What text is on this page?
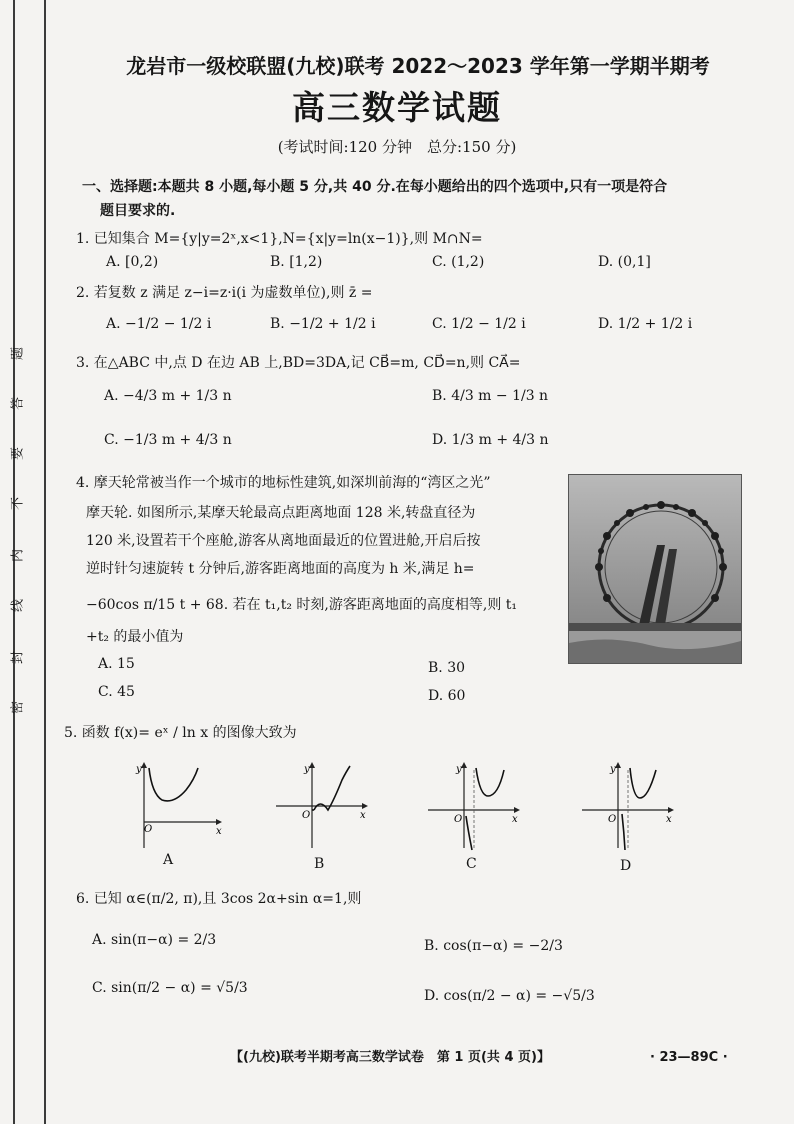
题
答
要
不
内
线
封
密
龙岩市一级校联盟(九校)联考 2022～2023 学年第一学期半期考
高三数学试题
(考试时间:120 分钟　总分:150 分)
一、选择题:本题共 8 小题,每小题 5 分,共 40 分.在每小题给出的四个选项中,只有一项是符合
题目要求的.
1. 已知集合 M={y|y=2ˣ,x<1},N={x|y=ln(x−1)},则 M∩N=
A. [0,2)	B. [1,2)	C. (1,2)	D. (0,1]
2. 若复数 z 满足 z−i=z·i(i 为虚数单位),则 z̄ =
A. −1/2 − 1/2 i	B. −1/2 + 1/2 i	C. 1/2 − 1/2 i	D. 1/2 + 1/2 i
3. 在△ABC 中,点 D 在边 AB 上,BD=3DA,记 CB⃗=m, CD⃗=n,则 CA⃗=
A. −4/3 m + 1/3 n	B. 4/3 m − 1/3 n
C. −1/3 m + 4/3 n	D. 1/3 m + 4/3 n
4. 摩天轮常被当作一个城市的地标性建筑,如深圳前海的“湾区之光”
摩天轮. 如图所示,某摩天轮最高点距离地面 128 米,转盘直径为
120 米,设置若干个座舱,游客从离地面最近的位置进舱,开启后按
逆时针匀速旋转 t 分钟后,游客距离地面的高度为 h 米,满足 h=
−60cos π/15 t + 68. 若在 t₁,t₂ 时刻,游客距离地面的高度相等,则 t₁
+t₂ 的最小值为
A. 15	B. 30
C. 45	D. 60
5. 函数 f(x)= eˣ / ln x 的图像大致为
y
x
O
A
y
x
O
B
y
x
O
C
y
x
O
D
6. 已知 α∈(π/2, π),且 3cos 2α+sin α=1,则
A. sin(π−α) = 2/3	B. cos(π−α) = −2/3
C. sin(π/2 − α) = √5/3	D. cos(π/2 − α) = −√5/3
【(九校)联考半期考高三数学试卷　第 1 页(共 4 页)】	· 23—89C ·
